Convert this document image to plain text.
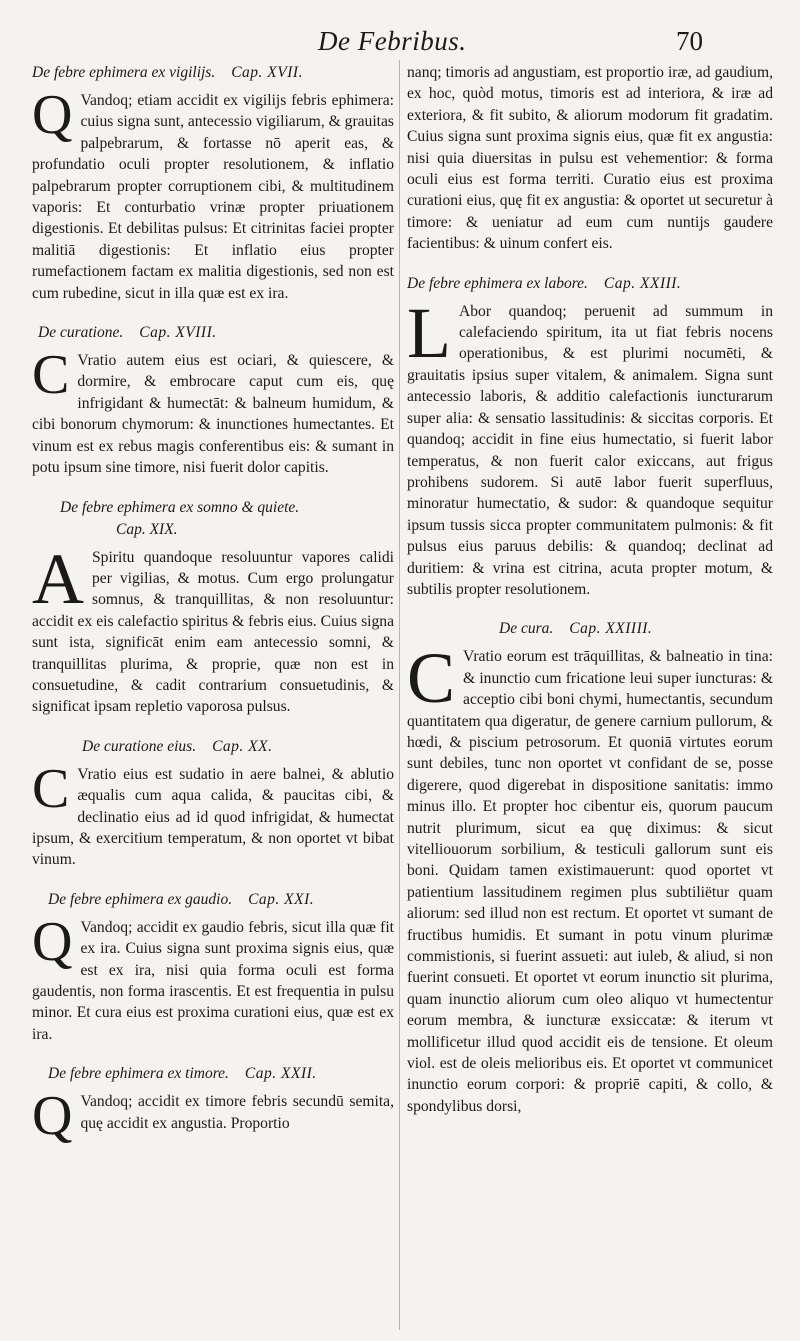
De Febribus.	70
De febre ephimera ex vigilijs. Cap. XVII.

Q Vandoq; etiam accidit ex vigilijs febris ephimera: cuius signa sunt, antecessio vigiliarum, & grauitas palpebrarum, & fortasse nō aperit eas, & profundatio oculi propter resolutionem, & inflatio palpebrarum propter corruptionem cibi, & multitudinem vaporis: Et conturbatio vrinæ propter priuationem digestionis. Et debilitas pulsus: Et citrinitas faciei propter malitiā digestionis: Et inflatio eius propter rumefactionem factam ex malitia digestionis, sed non est cum rubedine, sicut in illa quæ est ex ira.

De curatione. Cap. XVIII.

C Vratio autem eius est ociari, & quiescere, & dormire, & embrocare caput cum eis, quę infrigidant & humectāt: & balneum humidum, & cibi bonorum chymorum: & inunctiones humectantes. Et vinum est ex rebus magis conferentibus eis: & sumant in potu ipsum sine timore, nisi fuerit dolor capitis.

De febre ephimera ex somno & quiete.
Cap. XIX.

A Spiritu quandoque resoluuntur vapores calidi per vigilias, & motus. Cum ergo prolungatur somnus, & tranquillitas, & non resoluuntur: accidit ex eis calefactio spiritus & febris eius. Cuius signa sunt ista, significāt enim eam antecessio somni, & tranquillitas plurima, & proprie, quæ non est in consuetudine, & cadit contrarium consuetudinis, & significat ipsam repletio vaporosa pulsus.

De curatione eius. Cap. XX.

C Vratio eius est sudatio in aere balnei, & ablutio æqualis cum aqua calida, & paucitas cibi, & declinatio eius ad id quod infrigidat, & humectat ipsum, & exercitium temperatum, & non oportet vt bibat vinum.

De febre ephimera ex gaudio. Cap. XXI.

Q Vandoq; accidit ex gaudio febris, sicut illa quæ fit ex ira. Cuius signa sunt proxima signis eius, quæ est ex ira, nisi quia forma oculi est forma gaudentis, non forma irascentis. Et est frequentia in pulsu minor. Et cura eius est proxima curationi eius, quæ est ex ira.

De febre ephimera ex timore. Cap. XXII.

Q Vandoq; accidit ex timore febris secundū semita, quę accidit ex angustia. Proportio

nanq; timoris ad angustiam, est proportio iræ, ad gaudium, ex hoc, quòd motus, timoris est ad interiora, & iræ ad exteriora, & fit subito, & aliorum modorum fit gradatim. Cuius signa sunt proxima signis eius, quæ fit ex angustia: nisi quia diuersitas in pulsu est vehementior: & forma oculi eius est forma territi. Curatio eius est proxima curationi eius, quę fit ex angustia: & oportet ut securetur à timore: & ueniatur ad eum cum nuntijs gaudere facientibus: & uinum confert eis.

De febre ephimera ex labore. Cap. XXIII.

L Abor quandoq; peruenit ad summum in calefaciendo spiritum, ita ut fiat febris nocens operationibus, & est plurimi nocumēti, & grauitatis ipsius super vitalem, & animalem. Signa sunt antecessio laboris, & additio calefactionis iuncturarum super alia: & sensatio lassitudinis: & siccitas corporis. Et quandoq; accidit in fine eius humectatio, si fuerit labor temperatus, & non fuerit calor exiccans, aut frigus prohibens sudorem. Si autē labor fuerit superfluus, minoratur humectatio, & sudor: & quandoque sequitur ipsum tussis sicca propter communitatem pulmonis: & fit pulsus eius paruus debilis: & quandoq; declinat ad duritiem: & vrina est citrina, acuta propter motum, & subtilis propter resolutionem.

De cura. Cap. XXIIII.

C Vratio eorum est trāquillitas, & balneatio in tina: & inunctio cum fricatione leui super iuncturas: & acceptio cibi boni chymi, humectantis, secundum quantitatem qua digeratur, de genere carnium pullorum, & hœdi, & piscium petrosorum. Et quoniā virtutes eorum sunt debiles, tunc non oportet vt confidant de se, posse digerere, quod digerebat in dispositione sanitatis: immo minus illo. Et propter hoc cibentur eis, quorum paucum nutrit plurimum, sicut ea quę diximus: & sicut vitelliouorum sorbilium, & testiculi gallorum sunt eis boni. Quidam tamen existimauerunt: quod oportet vt patientium lassitudinem regimen plus subtiliëtur quam aliorum: sed illud non est rectum. Et oportet vt sumant de fructibus humidis. Et sumant in potu vinum plurimæ commistionis, si fuerint assueti: aut iuleb, & aliud, si non fuerint consueti. Et oportet vt eorum inunctio sit plurima, quam inunctio aliorum cum oleo aliquo vt humectentur eorum membra, & iuncturæ exsiccatæ: & iterum vt mollificetur illud quod accidit eis de tensione. Et oleum viol. est de oleis melioribus eis. Et oportet vt communicet inunctio eorum corpori: & propriē capiti, & collo, & spondylibus dorsi,
